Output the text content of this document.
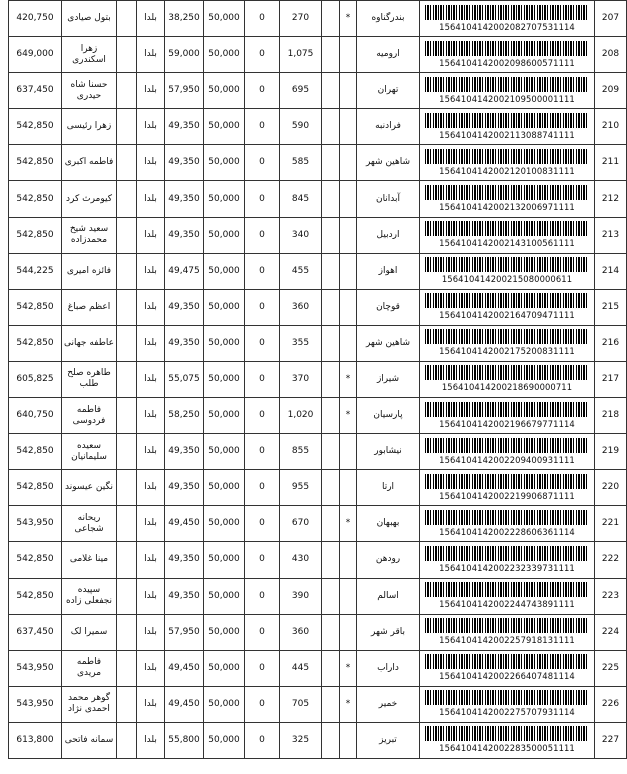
207	1564104142002082707531114	بندرگناوه	*		270	0	50,000	38,250	بلدا		بتول صیادی	420,750
208	1564104142002098600571111	ارومیه			1,075	0	50,000	59,000	بلدا		زهرا اسکندری	649,000
209	1564104142002109500001111	تهران			695	0	50,000	57,950	بلدا		حسنا شاه حیدری	637,450
210	1564104142002113088741111	فرادنبه			590	0	50,000	49,350	بلدا		زهرا رئیسی	542,850
211	1564104142002120100831111	شاهین شهر			585	0	50,000	49,350	بلدا		فاطمه اکبری	542,850
212	1564104142002132006971111	آبدانان			845	0	50,000	49,350	بلدا		کیومرث کرد	542,850
213	1564104142002143100561111	اردبیل			340	0	50,000	49,350	بلدا		سعید شیخ محمدزاده	542,850
214	156410414200215080000611	اهواز			455	0	50,000	49,475	بلدا		فائزه امیری	544,225
215	1564104142002164709471111	قوچان			360	0	50,000	49,350	بلدا		اعظم صباغ	542,850
216	1564104142002175200831111	شاهین شهر			355	0	50,000	49,350	بلدا		عاطفه جهانی	542,850
217	156410414200218690000711	شیراز	*		370	0	50,000	55,075	بلدا		طاهره صلح طلب	605,825
218	1564104142002196679771114	پارسیان	*		1,020	0	50,000	58,250	بلدا		فاطمه فردوسی	640,750
219	1564104142002209400931111	نیشابور			855	0	50,000	49,350	بلدا		سعیده سلیمانیان	542,850
220	1564104142002219906871111	ارتا			955	0	50,000	49,350	بلدا		نگین عیسوند	542,850
221	1564104142002228606361114	بهبهان	*		670	0	50,000	49,450	بلدا		ریحانه شجاعی	543,950
222	1564104142002232339731111	رودهن			430	0	50,000	49,350	بلدا		مینا غلامی	542,850
223	1564104142002244743891111	اسالم			390	0	50,000	49,350	بلدا		سپیده نجفعلی زاده	542,850
224	1564104142002257918131111	باقر شهر			360	0	50,000	57,950	بلدا		سمیرا لک	637,450
225	1564104142002266407481114	داراب	*		445	0	50,000	49,450	بلدا		فاطمه مریدی	543,950
226	1564104142002275707931114	خمیر	*		705	0	50,000	49,450	بلدا		گوهر محمد احمدی نژاد	543,950
227	1564104142002283500051111	تبریز			325	0	50,000	55,800	بلدا		سمانه فاتحی	613,800
